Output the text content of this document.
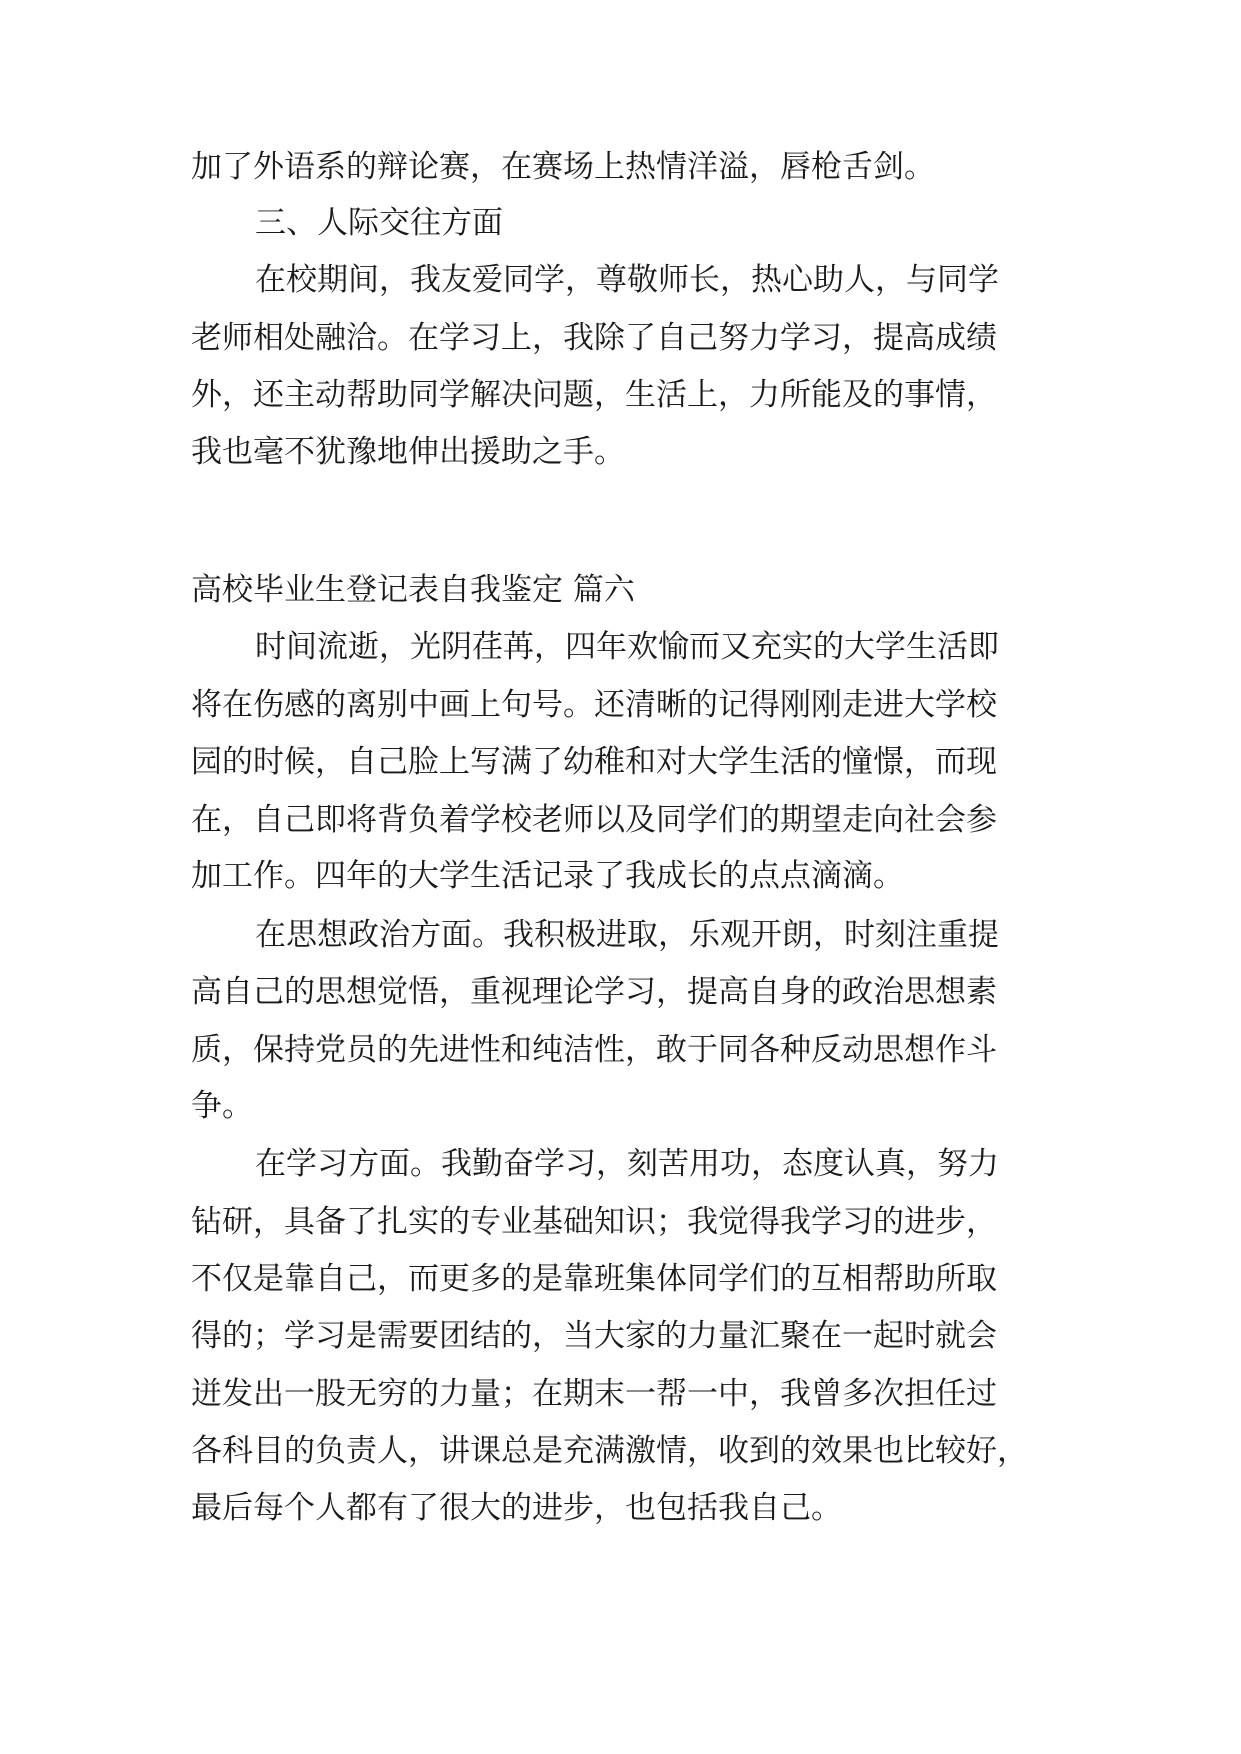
加了外语系的辩论赛，在赛场上热情洋溢，唇枪舌剑。
三、人际交往方面
在校期间，我友爱同学，尊敬师长，热心助人，与同学
老师相处融洽。在学习上，我除了自己努力学习，提高成绩
外，还主动帮助同学解决问题，生活上，力所能及的事情，
我也毫不犹豫地伸出援助之手。
高校毕业生登记表自我鉴定 篇六
时间流逝，光阴荏苒，四年欢愉而又充实的大学生活即
将在伤感的离别中画上句号。还清晰的记得刚刚走进大学校
园的时候，自己脸上写满了幼稚和对大学生活的憧憬，而现
在，自己即将背负着学校老师以及同学们的期望走向社会参
加工作。四年的大学生活记录了我成长的点点滴滴。
在思想政治方面。我积极进取，乐观开朗，时刻注重提
高自己的思想觉悟，重视理论学习，提高自身的政治思想素
质，保持党员的先进性和纯洁性，敢于同各种反动思想作斗
争。
在学习方面。我勤奋学习，刻苦用功，态度认真，努力
钻研，具备了扎实的专业基础知识；我觉得我学习的进步，
不仅是靠自己，而更多的是靠班集体同学们的互相帮助所取
得的；学习是需要团结的，当大家的力量汇聚在一起时就会
迸发出一股无穷的力量；在期末一帮一中，我曾多次担任过
各科目的负责人，讲课总是充满激情，收到的效果也比较好，
最后每个人都有了很大的进步，也包括我自己。
